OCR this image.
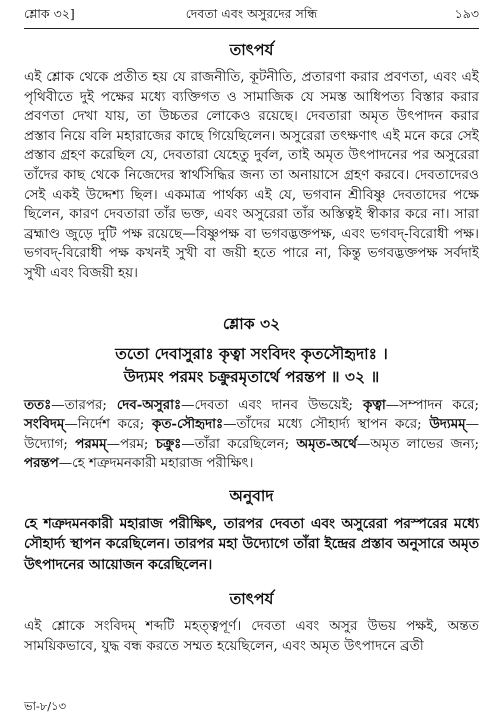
শ্লোক ৩২]	দেবতা এবং অসুরদের সন্ধি	১৯৩
তাৎপর্য

এই শ্লোক থেকে প্রতীত হয় যে রাজনীতি, কূটনীতি, প্রতারণা করার প্রবণতা, এবং এই পৃথিবীতে দুই পক্ষের মধ্যে ব্যক্তিগত ও সামাজিক যে সমস্ত আধিপত্য বিস্তার করার প্রবণতা দেখা যায়, তা উচ্চতর লোকেও রয়েছে। দেবতারা অমৃত উৎপাদন করার প্রস্তাব নিয়ে বলি মহারাজের কাছে গিয়েছিলেন। অসুরেরা তৎক্ষণাৎ এই মনে করে সেই প্রস্তাব গ্রহণ করেছিল যে, দেবতারা যেহেতু দুর্বল, তাই অমৃত উৎপাদনের পর অসুরেরা তাঁদের কাছ থেকে নিজেদের স্বার্থসিদ্ধির জন্য তা অনায়াসে গ্রহণ করবে। দেবতাদেরও সেই একই উদ্দেশ্য ছিল। একমাত্র পার্থক্য এই যে, ভগবান শ্রীবিষ্ণু দেবতাদের পক্ষে ছিলেন, কারণ দেবতারা তাঁর ভক্ত, এবং অসুরেরা তাঁর অস্তিত্বই স্বীকার করে না। সারা ব্রহ্মাণ্ড জুড়ে দুটি পক্ষ রয়েছে—বিষ্ণুপক্ষ বা ভগবদ্ভক্তপক্ষ, এবং ভগবদ্-বিরোধী পক্ষ। ভগবদ্-বিরোধী পক্ষ কখনই সুখী বা জয়ী হতে পারে না, কিন্তু ভগবদ্ভক্তপক্ষ সর্বদাই সুখী এবং বিজয়ী হয়।

শ্লোক ৩২
ততো দেবাসুরাঃ কৃত্বা সংবিদং কৃতসৌহৃদাঃ ।
উদ্যমং পরমং চক্রুরমৃতার্থে পরন্তপ ॥ ৩২ ॥

ততঃ—তারপর; দেব-অসুরাঃ—দেবতা এবং দানব উভয়েই; কৃত্বা—সম্পাদন করে; সংবিদম্—নির্দেশ করে; কৃত-সৌহৃদাঃ—তাঁদের মধ্যে সৌহার্দ্য স্থাপন করে; উদ্যমম্—উদ্যোগ; পরমম্—পরম; চক্রুঃ—তাঁরা করেছিলেন; অমৃত-অর্থে—অমৃত লাভের জন্য; পরন্তপ—হে শত্রুদমনকারী মহারাজ পরীক্ষিৎ।

অনুবাদ

হে শত্রুদমনকারী মহারাজ পরীক্ষিৎ, তারপর দেবতা এবং অসুরেরা পরস্পরের মধ্যে সৌহার্দ্য স্থাপন করেছিলেন। তারপর মহা উদ্যোগে তাঁরা ইন্দ্রের প্রস্তাব অনুসারে অমৃত উৎপাদনের আয়োজন করেছিলেন।

তাৎপর্য

এই শ্লোকে সংবিদম্ শব্দটি মহত্ত্বপূর্ণ। দেবতা এবং অসুর উভয় পক্ষই, অন্তত সাময়িকভাবে, যুদ্ধ বন্ধ করতে সম্মত হয়েছিলেন, এবং অমৃত উৎপাদনে ব্রতী

ভা-৮/১৩
